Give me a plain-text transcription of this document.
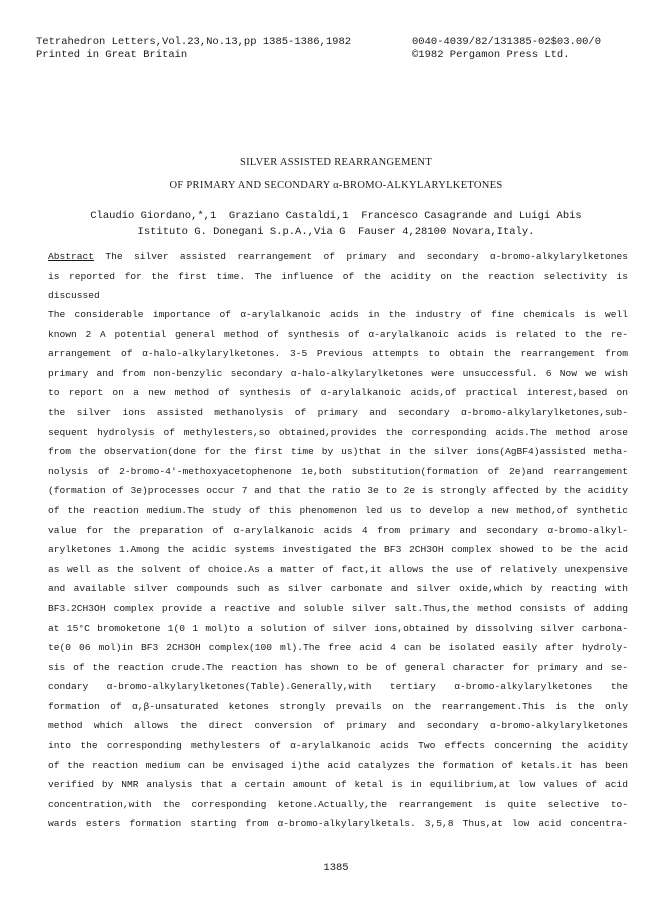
Tetrahedron Letters,Vol.23,No.13,pp 1385-1386,1982
Printed in Great Britain
0040-4039/82/131385-02$03.00/0
©1982 Pergamon Press Ltd.
SILVER ASSISTED REARRANGEMENT
OF PRIMARY AND SECONDARY α-BROMO-ALKYLARYLKETONES
Claudio Giordano,*,1  Graziano Castaldi,1  Francesco Casagrande and Luigi Abis
Istituto G. Donegani S.p.A.,Via G  Fauser 4,28100 Novara,Italy.
Abstract The silver assisted rearrangement of primary and secondary α-bromo-alkylarylketones
is reported for the first time. The influence of the acidity on the reaction selectivity is
discussed
The considerable importance of α-arylalkanoic acids in the industry of fine chemicals is well
known 2 A potential general method of synthesis of α-arylalkanoic acids is related to the re-
arrangement of α-halo-alkylarylketones. 3-5 Previous attempts to obtain the rearrangement from
primary and from non-benzylic secondary α-halo-alkylarylketones were unsuccessful. 6 Now we wish
to report on a new method of synthesis of α-arylalkanoic acids,of practical interest,based on
the silver ions assisted methanolysis of primary and secondary α-bromo-alkylarylketones,sub-
sequent hydrolysis of methylesters,so obtained,provides the corresponding acids.The method arose
from the observation(done for the first time by us)that in the silver ions(AgBF4)assisted metha-
nolysis of 2-bromo-4'-methoxyacetophenone 1e,both substitution(formation of 2e)and rearrangement
(formation of 3e)processes occur 7 and that the ratio 3e to 2e is strongly affected by the acidity
of the reaction medium.The study of this phenomenon led us to develop a new method,of synthetic
value for the preparation of α-arylalkanoic acids 4 from primary and secondary α-bromo-alkyl-
arylketones 1.Among the acidic systems investigated the BF3 2CH3OH complex showed to be the acid
as well as the solvent of choice.As a matter of fact,it allows the use of relatively unexpensive
and available silver compounds such as silver carbonate and silver oxide,which by reacting with
BF3.2CH3OH complex provide a reactive and soluble silver salt.Thus,the method consists of adding
at 15°C bromoketone 1(0 1 mol)to a solution of silver ions,obtained by dissolving silver carbona-
te(0 06 mol)in BF3 2CH3OH complex(100 ml).The free acid 4 can be isolated easily after hydroly-
sis of the reaction crude.The reaction has shown to be of general character for primary and se-
condary α-bromo-alkylarylketones(Table).Generally,with tertiary α-bromo-alkylarylketones the
formation of α,β-unsaturated ketones strongly prevails on the rearrangement.This is the only
method which allows the direct conversion of primary and secondary α-bromo-alkylarylketones
into the corresponding methylesters of α-arylalkanoic acids Two effects concerning the acidity
of the reaction medium can be envisaged i)the acid catalyzes the formation of ketals.it has been
verified by NMR analysis that a certain amount of ketal is in equilibrium,at low values of acid
concentration,with the corresponding ketone.Actually,the rearrangement is quite selective to-
wards esters formation starting from α-bromo-alkylarylketals. 3,5,8 Thus,at low acid concentra-
1385
